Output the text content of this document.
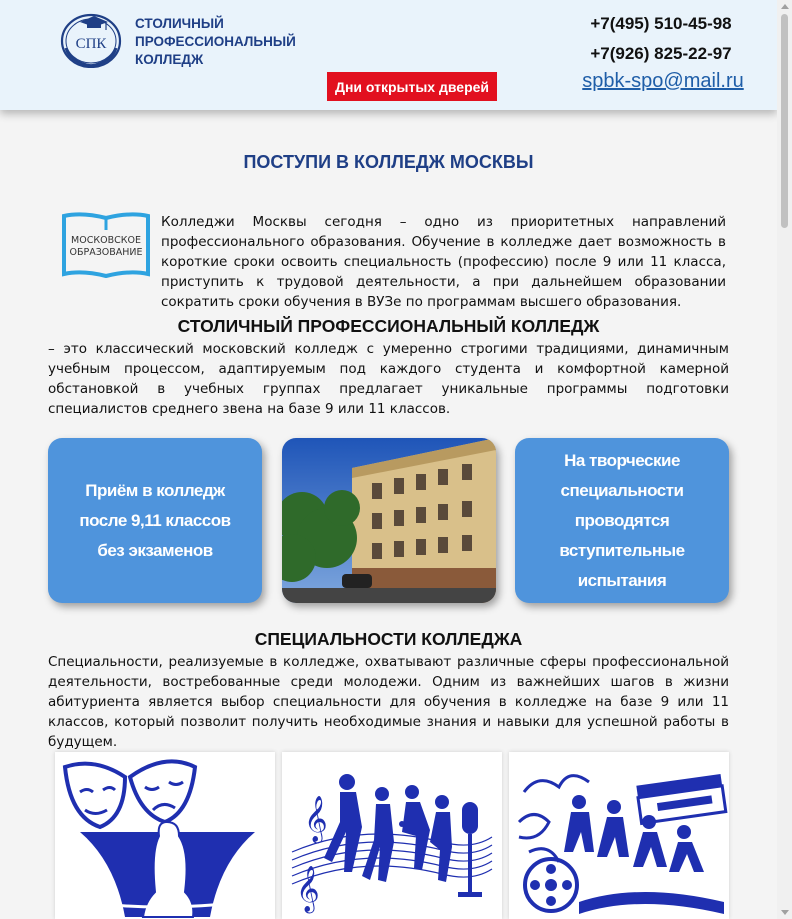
СПК
СТОЛИЧНЫЙ
ПРОФЕССИОНАЛЬНЫЙ
КОЛЛЕДЖ
Дни открытых дверей
+7(495) 510-45-98
+7(926) 825-22-97
spbk-spo@mail.ru
ПОСТУПИ В КОЛЛЕДЖ МОСКВЫ
МОСКОВСКОЕ
ОБРАЗОВАНИЕ
Колледжи Москвы сегодня – одно из приоритетных направлений профессионального образования. Обучение в колледже дает возможность в короткие сроки освоить специальность (профессию) после 9 или 11 класса, приступить к трудовой деятельности, а при дальнейшем образовании сократить сроки обучения в ВУЗе по программам высшего образования.
СТОЛИЧНЫЙ ПРОФЕССИОНАЛЬНЫЙ КОЛЛЕДЖ
– это классический московский колледж с умеренно строгими традициями, динамичным учебным процессом, адаптируемым под каждого студента и комфортной камерной обстановкой в учебных группах предлагает уникальные программы подготовки специалистов среднего звена на базе 9 или 11 классов.
Приём в колледж
после 9,11 классов
без экзаменов
На творческие
специальности проводятся
вступительные испытания
СПЕЦИАЛЬНОСТИ КОЛЛЕДЖА
Специальности, реализуемые в колледже, охватывают различные сферы профессиональной деятельности, востребованные среди молодежи. Одним из важнейших шагов в жизни абитуриента является выбор специальности для обучения в колледже на базе 9 или 11 классов, который позволит получить необходимые знания и навыки для успешной работы в будущем.
𝄞
𝄞
